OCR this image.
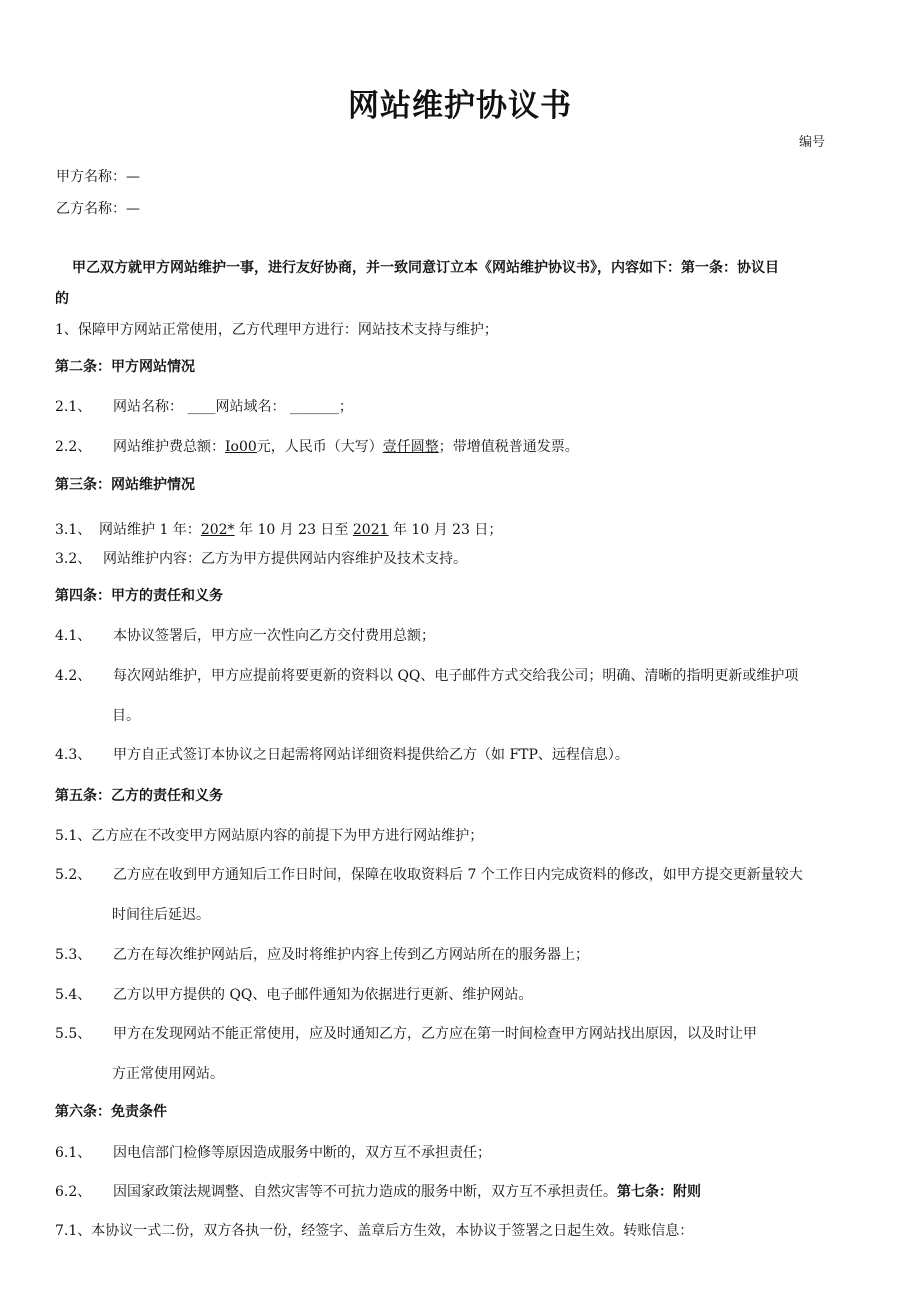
网站维护协议书
编号
甲方名称：—
乙方名称：—
甲乙双方就甲方网站维护一事，进行友好协商，并一致同意订立本《网站维护协议书》，内容如下：第一条：协议目
的
1、保障甲方网站正常使用，乙方代理甲方进行：网站技术支持与维护；
第二条：甲方网站情况
2.1、 网站名称： ____网站域名： _______；
2.2、 网站维护费总额：Io00元，人民币（大写）壹仟圆整；带增值税普通发票。
第三条：网站维护情况
3.1、 网站维护 1 年：202* 年 10 月 23 日至 2021 年 10 月 23 日；
3.2、 网站维护内容：乙方为甲方提供网站内容维护及技术支持。
第四条：甲方的责任和义务
4.1、 本协议签署后，甲方应一次性向乙方交付费用总额；
4.2、 每次网站维护，甲方应提前将要更新的资料以 QQ、电子邮件方式交给我公司；明确、清晰的指明更新或维护项
目。
4.3、 甲方自正式签订本协议之日起需将网站详细资料提供给乙方（如 FTP、远程信息）。
第五条：乙方的责任和义务
5.1、乙方应在不改变甲方网站原内容的前提下为甲方进行网站维护；
5.2、 乙方应在收到甲方通知后工作日时间，保障在收取资料后 7 个工作日内完成资料的修改，如甲方提交更新量较大
时间往后延迟。
5.3、 乙方在每次维护网站后，应及时将维护内容上传到乙方网站所在的服务器上；
5.4、 乙方以甲方提供的 QQ、电子邮件通知为依据进行更新、维护网站。
5.5、 甲方在发现网站不能正常使用，应及时通知乙方，乙方应在第一时间检查甲方网站找出原因，以及时让甲
方正常使用网站。
第六条：免责条件
6.1、 因电信部门检修等原因造成服务中断的，双方互不承担责任；
6.2、 因国家政策法规调整、自然灾害等不可抗力造成的服务中断，双方互不承担责任。第七条：附则
7.1、本协议一式二份，双方各执一份，经签字、盖章后方生效，本协议于签署之日起生效。转账信息：
